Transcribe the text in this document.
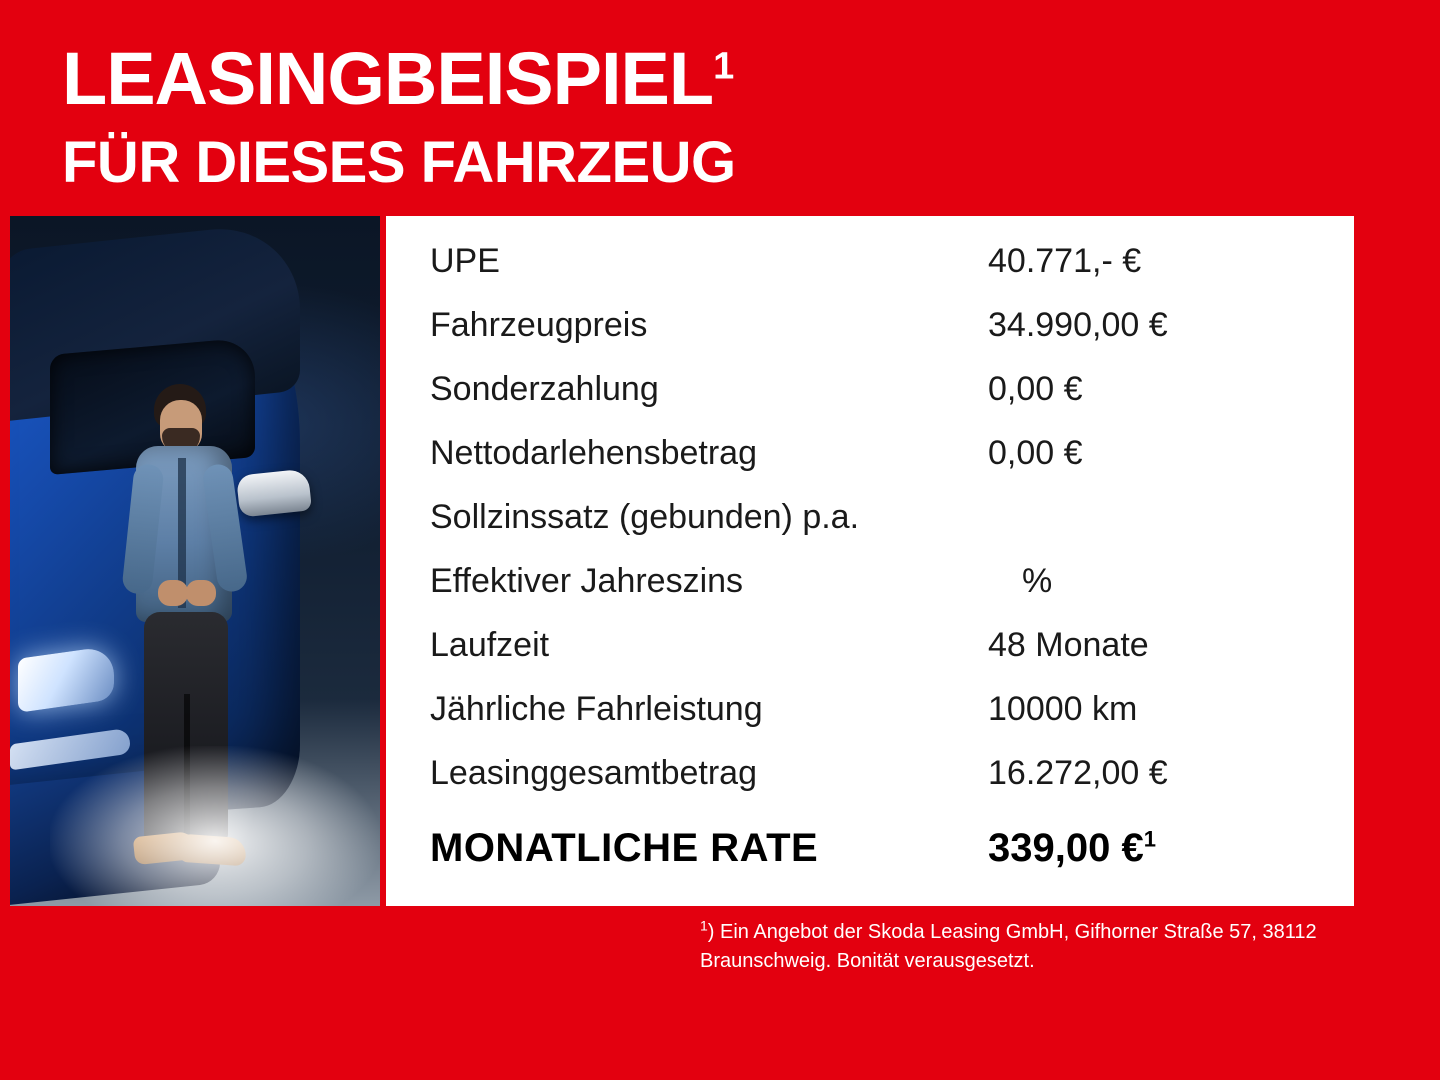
LEASINGBEISPIEL$^1$
FÜR DIESES FAHRZEUG
UPE	40.771,- €
Fahrzeugpreis	34.990,00 €
Sonderzahlung	0,00 €
Nettodarlehensbetrag	0,00 €
Sollzinssatz (gebunden) p.a.
Effektiver Jahreszins	%
Laufzeit	48 Monate
Jährliche Fahrleistung	10000 km
Leasinggesamtbetrag	16.272,00 €
MONATLICHE RATE	339,00 €$^1$
$^1$) Ein Angebot der Skoda Leasing GmbH, Gifhorner Straße 57, 38112 Braunschweig. Bonität verausgesetzt.
